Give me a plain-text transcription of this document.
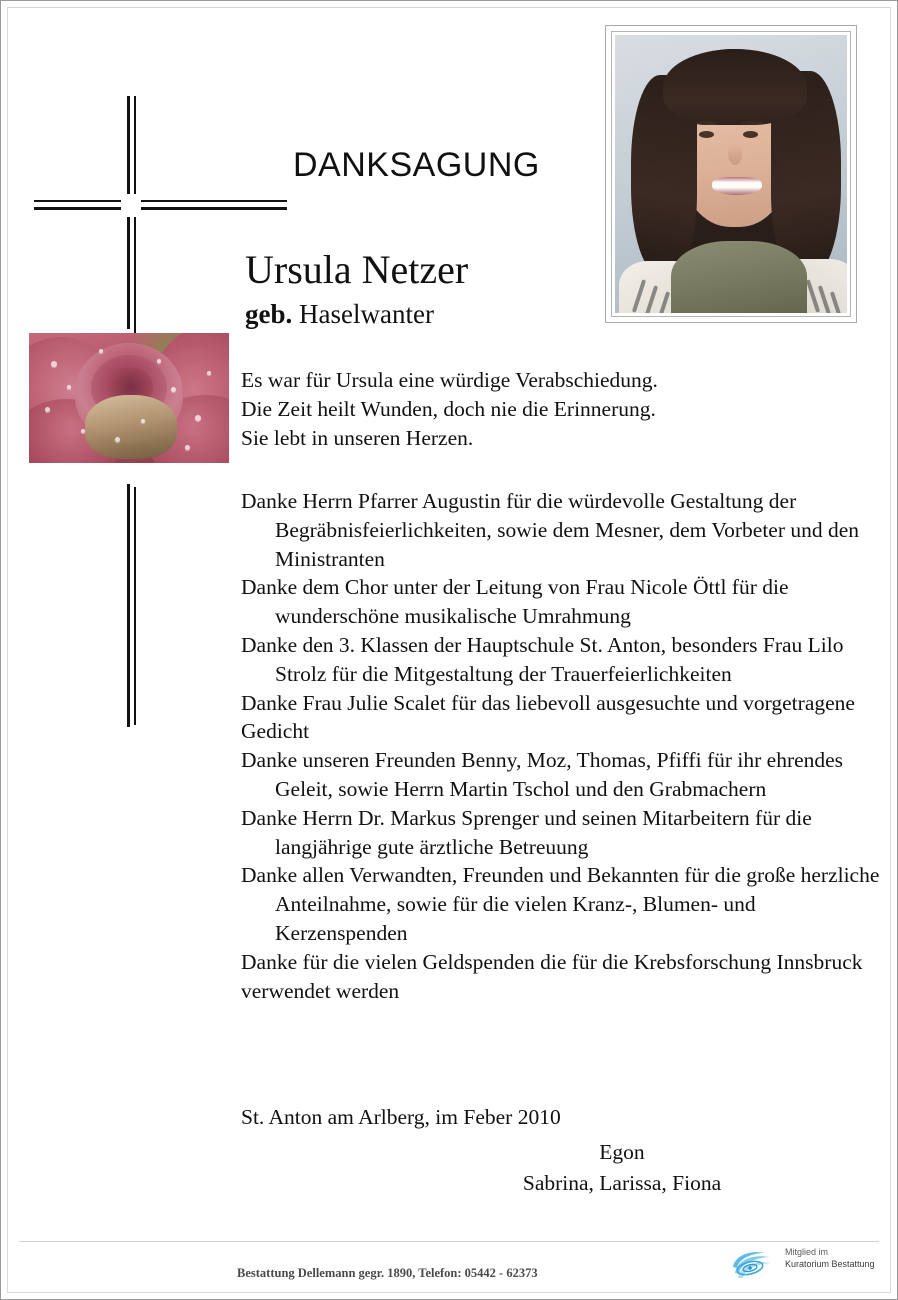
DANKSAGUNG
Ursula Netzer
geb. Haselwanter
Es war für Ursula eine würdige Verabschiedung.
Die Zeit heilt Wunden, doch nie die Erinnerung.
Sie lebt in unseren Herzen.

Danke Herrn Pfarrer Augustin für die würdevolle Gestaltung der Begräbnisfeierlichkeiten, sowie dem Mesner, dem Vorbeter und den Ministranten

Danke dem Chor unter der Leitung von Frau Nicole Öttl für die wunderschöne musikalische Umrahmung

Danke den 3. Klassen der Hauptschule St. Anton, besonders Frau Lilo Strolz für die Mitgestaltung der Trauerfeierlichkeiten

Danke Frau Julie Scalet für das liebevoll ausgesuchte und vorgetragene Gedicht

Danke unseren Freunden Benny, Moz, Thomas, Pfiffi für ihr ehrendes Geleit, sowie Herrn Martin Tschol und den Grabmachern

Danke Herrn Dr. Markus Sprenger und seinen Mitarbeitern für die langjährige gute ärztliche Betreuung

Danke allen Verwandten, Freunden und Bekannten für die große herzliche Anteilnahme, sowie für die vielen Kranz-, Blumen- und Kerzenspenden

Danke für die vielen Geldspenden die für die Krebsforschung Innsbruck verwendet werden

St. Anton am Arlberg, im Feber 2010
Egon
Sabrina, Larissa, Fiona
Bestattung Dellemann gegr. 1890, Telefon: 05442 - 62373
Mitglied im
Kuratorium Bestattung
